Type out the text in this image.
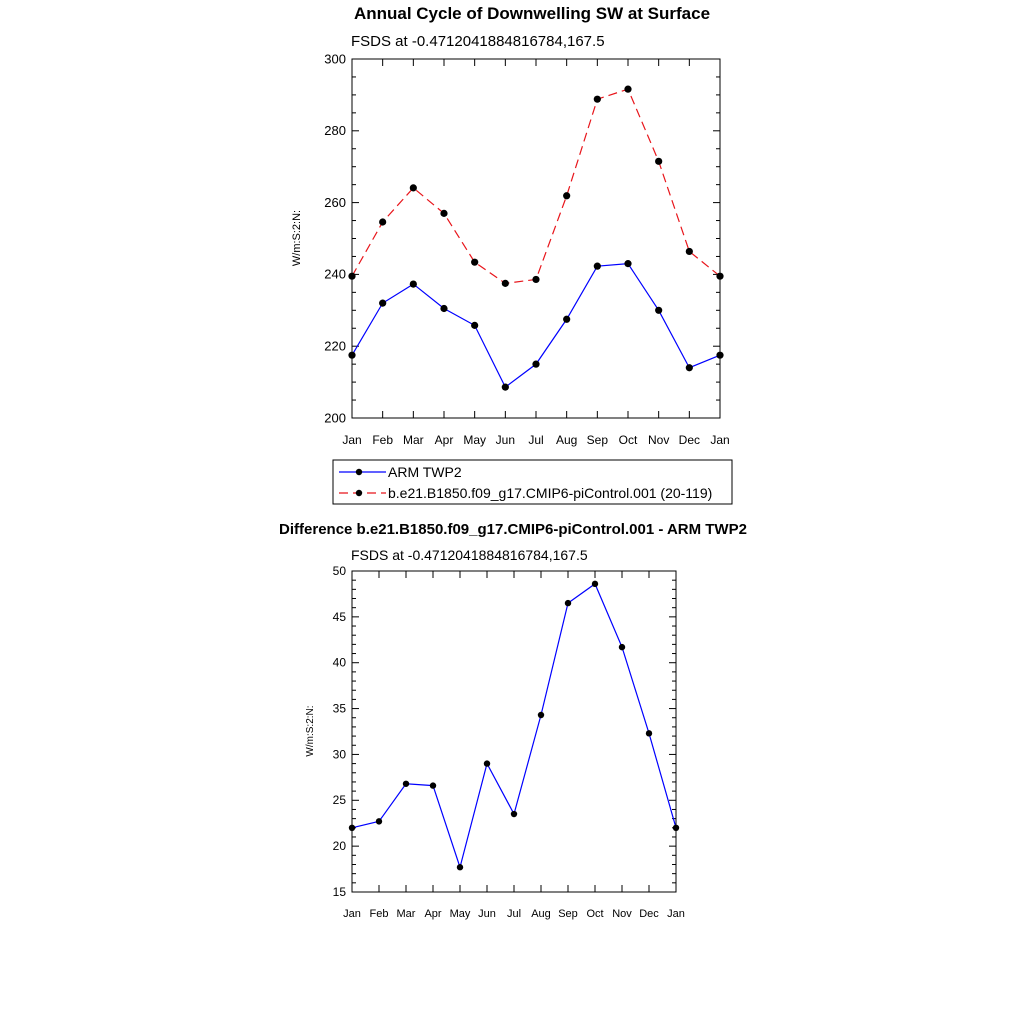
Annual Cycle of Downwelling SW at Surface
FSDS at -0.4712041884816784,167.5
W/m:S:2:N:
Jan Feb Mar Apr May Jun Jul Aug Sep Oct Nov Dec Jan
200
220
240
260
280
300
ARM TWP2
b.e21.B1850.f09_g17.CMIP6-piControl.001 (20-119)
Difference b.e21.B1850.f09_g17.CMIP6-piControl.001 - ARM TWP2
FSDS at -0.4712041884816784,167.5
W/m:S:2:N:
Jan Feb Mar Apr May Jun Jul Aug Sep Oct Nov Dec Jan
15
20
25
30
35
40
45
50
